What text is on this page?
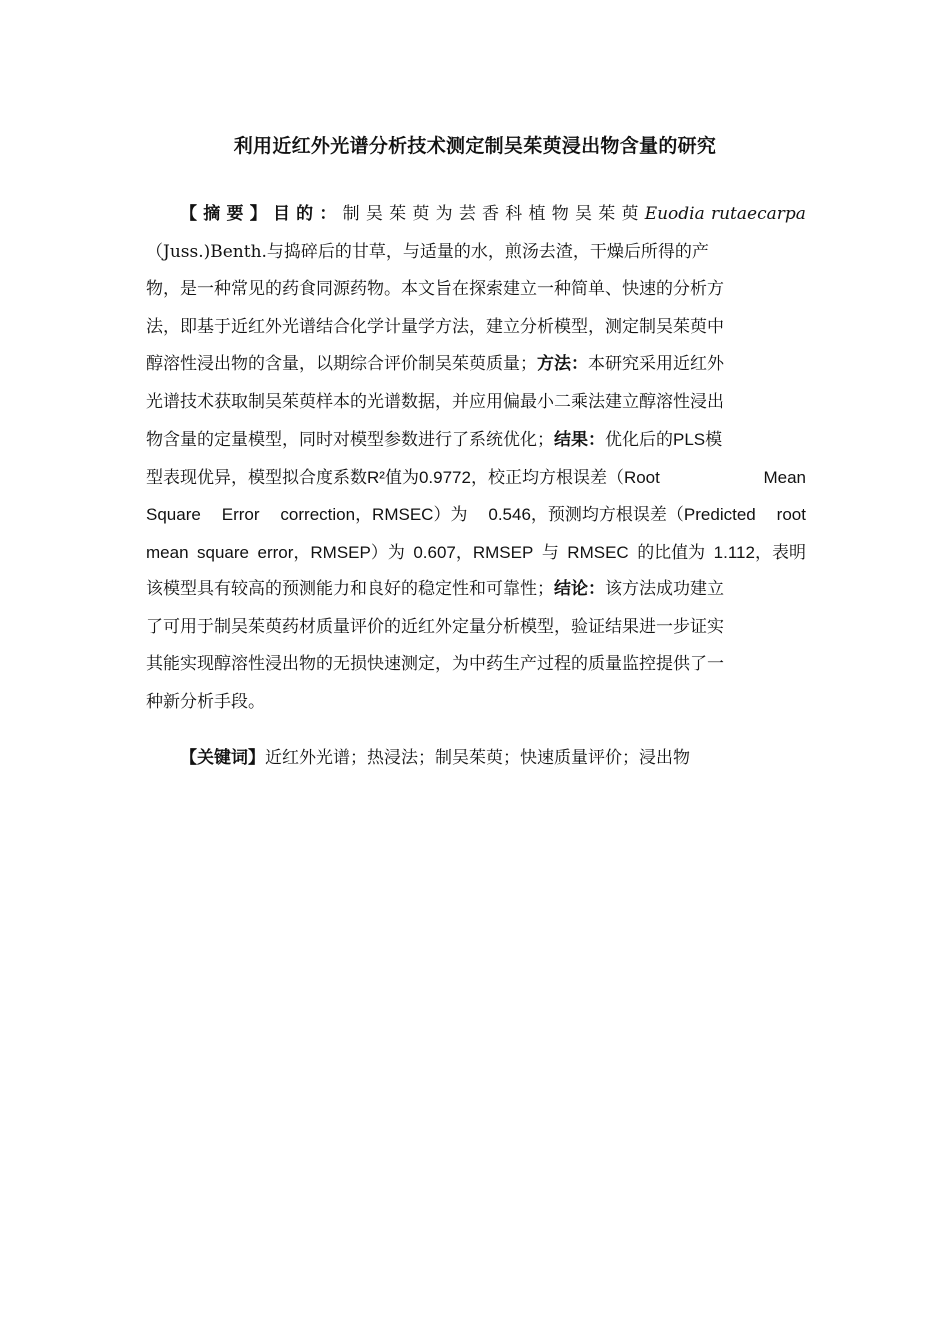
利用近红外光谱分析技术测定制吴茱萸浸出物含量的研究
【 摘 要 】 目 的 ： 制 吴 茱 萸 为 芸 香 科 植 物 吴 茱 萸 Euodia rutaecarpa
（Juss.)Benth.与捣碎后的甘草，与适量的水，煎汤去渣，干燥后所得的产
物，是一种常见的药食同源药物。本文旨在探索建立一种简单、快速的分析方
法，即基于近红外光谱结合化学计量学方法，建立分析模型，测定制吴茱萸中
醇溶性浸出物的含量，以期综合评价制吴茱萸质量；方法：本研究采用近红外
光谱技术获取制吴茱萸样本的光谱数据，并应用偏最小二乘法建立醇溶性浸出
物含量的定量模型，同时对模型参数进行了系统优化；结果：优化后的PLS模
型表现优异，模型拟合度系数R²值为0.9772，校正均方根误差（Root	Mean
Square Error correction，RMSEC）为 0.546，预测均方根误差（Predicted root
mean square error，RMSEP）为 0.607，RMSEP 与 RMSEC 的比值为 1.112，表明
该模型具有较高的预测能力和良好的稳定性和可靠性；结论：该方法成功建立
了可用于制吴茱萸药材质量评价的近红外定量分析模型，验证结果进一步证实
其能实现醇溶性浸出物的无损快速测定，为中药生产过程的质量监控提供了一
种新分析手段。
【关键词】近红外光谱；热浸法；制吴茱萸；快速质量评价；浸出物
